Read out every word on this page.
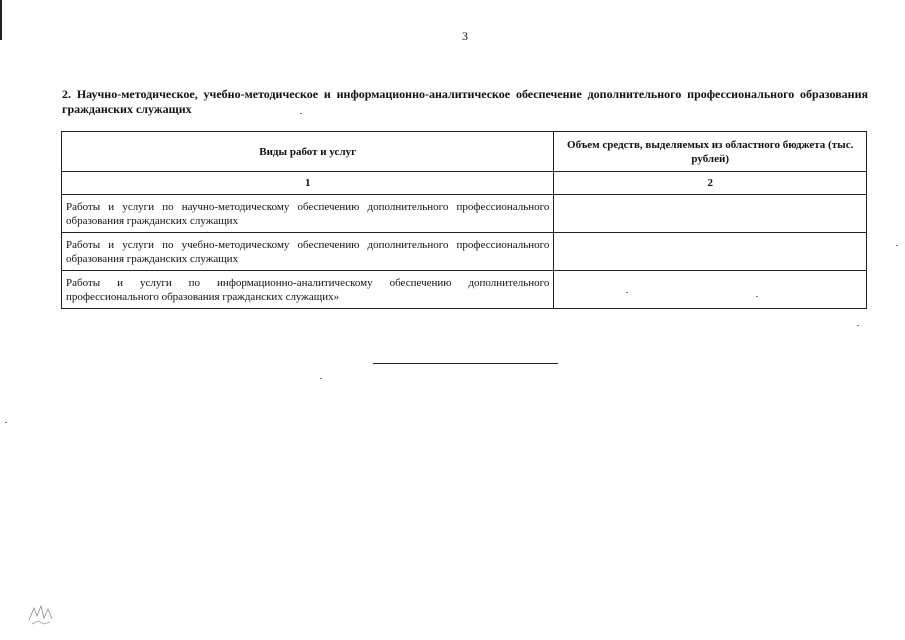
3
2. Научно-методическое, учебно-методическое и информационно-аналитическое обеспечение дополнительного профессионального образования гражданских служащих
Виды работ и услуг	Объем средств, выделяемых из областного бюджета (тыс. рублей)
1	2
Работы и услуги по научно-методическому обеспечению дополнительного профессионального образования гражданских служащих	
Работы и услуги по учебно-методическому обеспечению дополнительного профессионального образования гражданских служащих	
Работы и услуги по информационно-аналитическому обеспечению дополнительного профессионального образования гражданских служащих»	
